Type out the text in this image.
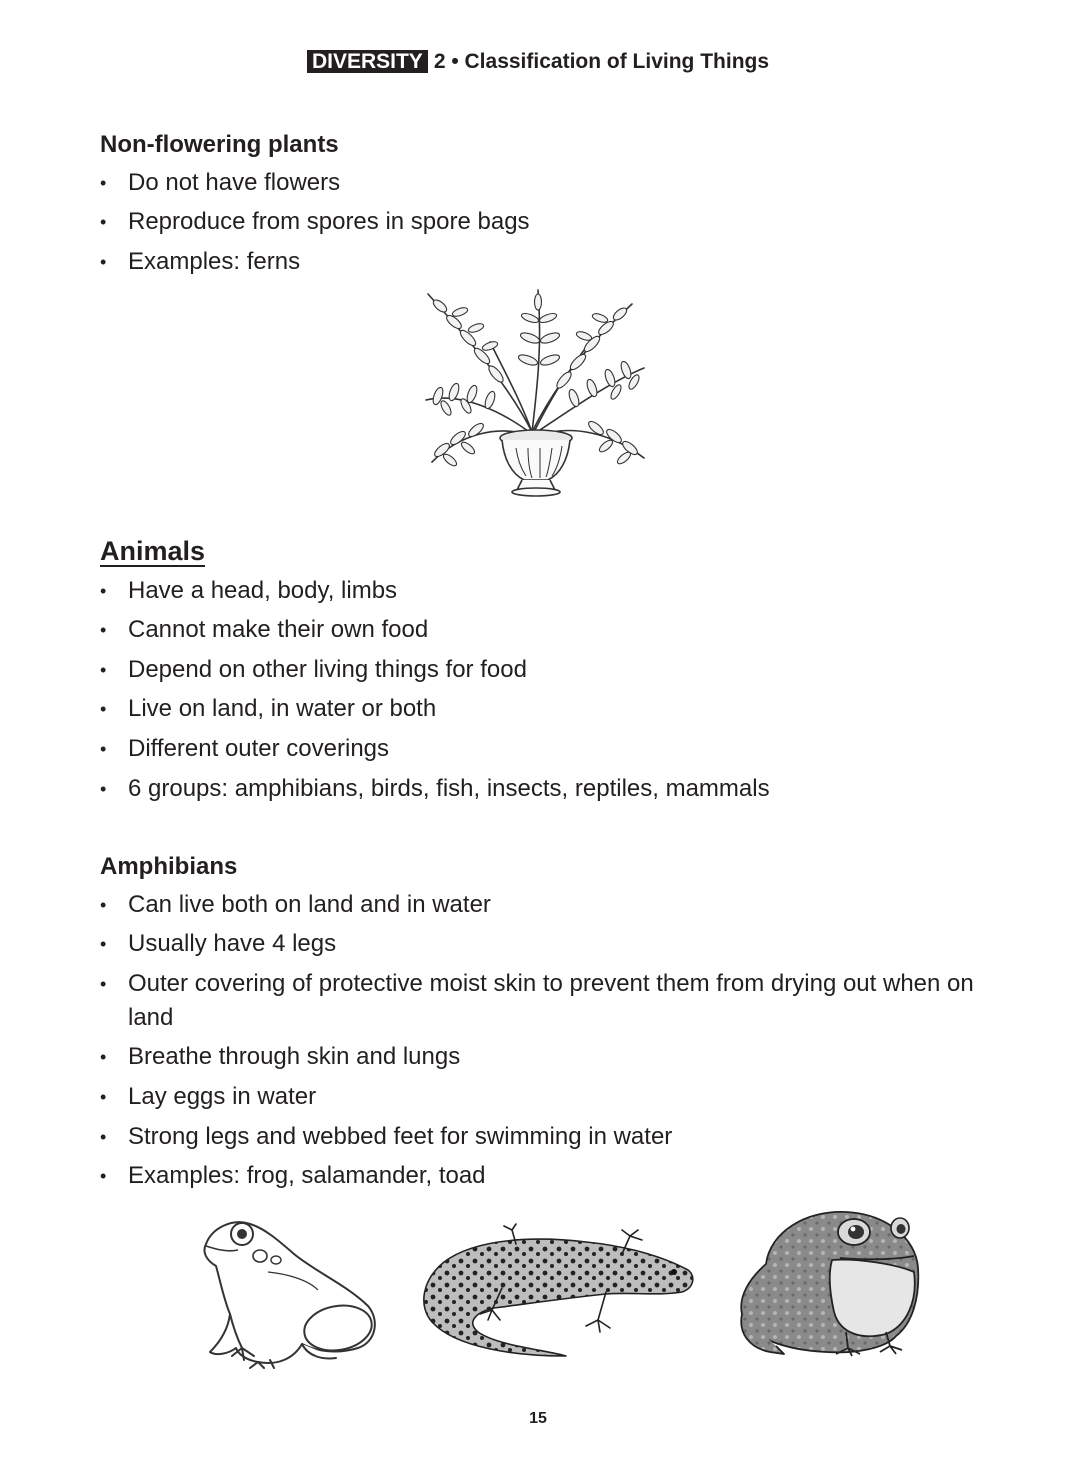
DIVERSITY 2 • Classification of Living Things
Non-flowering plants
• Do not have flowers
• Reproduce from spores in spore bags
• Examples: ferns
Animals
• Have a head, body, limbs
• Cannot make their own food
• Depend on other living things for food
• Live on land, in water or both
• Different outer coverings
• 6 groups: amphibians, birds, fish, insects, reptiles, mammals
Amphibians
• Can live both on land and in water
• Usually have 4 legs
• Outer covering of protective moist skin to prevent them from drying out when on land
• Breathe through skin and lungs
• Lay eggs in water
• Strong legs and webbed feet for swimming in water
• Examples: frog, salamander, toad
15
